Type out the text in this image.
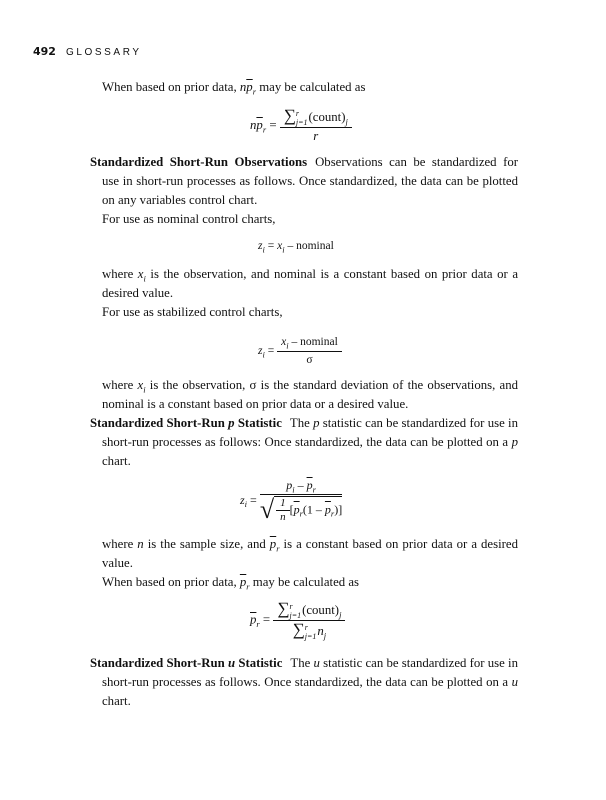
492 GLOSSARY

When based on prior data, $n\overline{p}_r$ may be calculated as

$n\overline{p}_r = \sum r$
$j=1(count)_j$
r

Standardized Short-Run Observations Observations can be standardized for use in short-run processes as follows. Once standardized, the data can be plotted on any variables control chart.

For use as nominal control charts,

$z_i = x_i$ – nominal

where $x_i$ is the observation, and nominal is a constant based on prior data or a desired value.

For use as stabilized control charts,

$z_i = \frac{x_i - nominal}{\sigma}$

where $x_i$ is the observation, σ is the standard deviation of the observations, and nominal is a constant based on prior data or a desired value.

Standardized Short-Run p Statistic The p statistic can be standardized for use in short-run processes as follows: Once standardized, the data can be plotted on a p chart.

$z_i = \frac{p_i - \overline{p}_r}{√ \frac{1}{n} [\overline{p}_r(1 - \overline{p}_r)]}$

where n is the sample size, and $\overline{p}_r$ is a constant based on prior data or a desired value.

When based on prior data, $\overline{p}_r$ may be calculated as

$\overline{p}_r$ =
∑r
$j=1(count)_j$
∑r
$j=1n_j$

Standardized Short-Run u Statistic The u statistic can be standardized for use in short-run processes as follows. Once standardized, the data can be plotted on a u chart.
